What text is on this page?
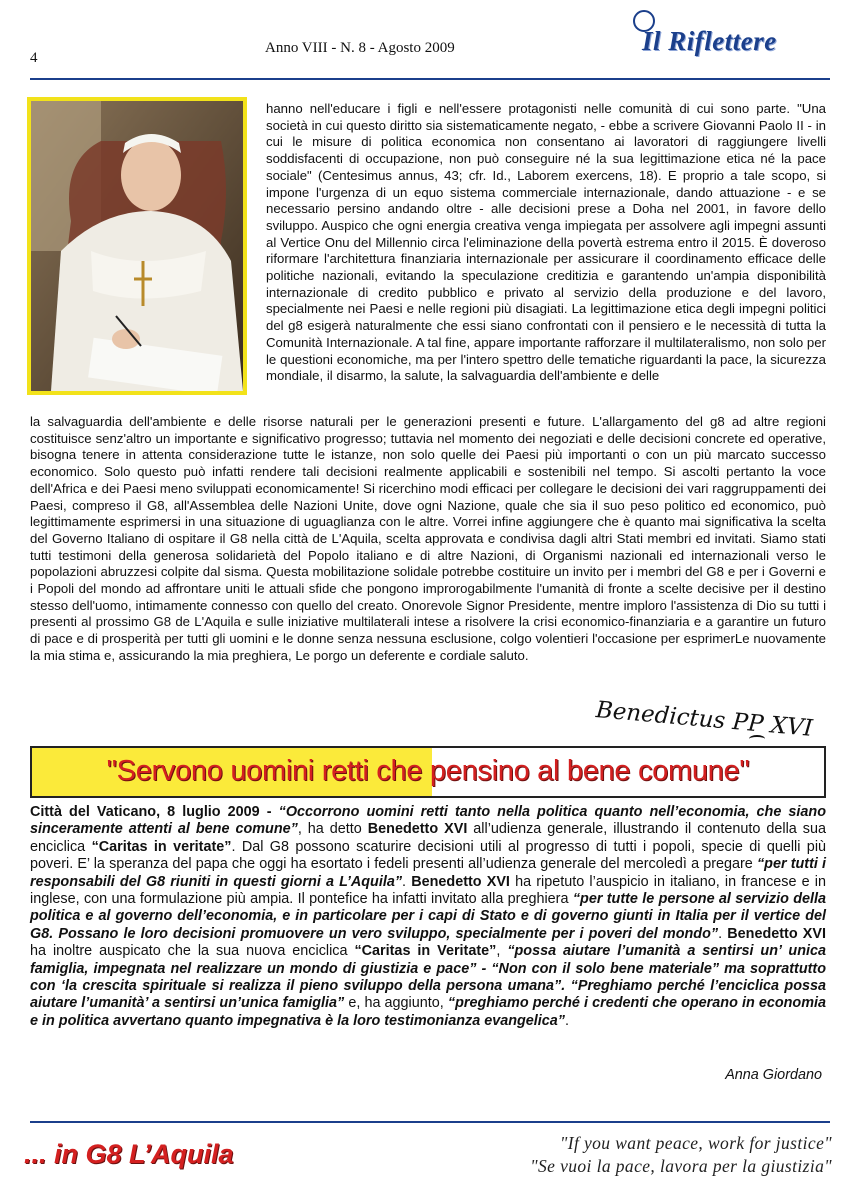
4
Anno VIII - N. 8 - Agosto 2009	Il Riflettere
hanno nell'educare i figli e nell'essere protagonisti nelle comunità di cui sono parte. "Una società in cui questo diritto sia sistematicamente negato, - ebbe a scrivere Giovanni Paolo II - in cui le misure di politica economica non consentano ai lavoratori di raggiungere livelli soddisfacenti di occupazione, non può conseguire né la sua legittimazione etica né la pace sociale" (Centesimus annus, 43; cfr. Id., Laborem exercens, 18). E proprio a tale scopo, si impone l'urgenza di un equo sistema commerciale internazionale, dando attuazione - e se necessario persino andando oltre - alle decisioni prese a Doha nel 2001, in favore dello sviluppo. Auspico che ogni energia creativa venga impiegata per assolvere agli impegni assunti al Vertice Onu del Millennio circa l'eliminazione della povertà estrema entro il 2015. È doveroso riformare l'architettura finanziaria internazionale per assicurare il coordinamento efficace delle politiche nazionali, evitando la speculazione creditizia e garantendo un'ampia disponibilità internazionale di credito pubblico e privato al servizio della produzione e del lavoro, specialmente nei Paesi e nelle regioni più disagiati. La legittimazione etica degli impegni politici del g8 esigerà naturalmente che essi siano confrontati con il pensiero e le necessità di tutta la Comunità Internazionale. A tal fine, appare importante rafforzare il multilateralismo, non solo per le questioni economiche, ma per l'intero spettro delle tematiche riguardanti la pace, la sicurezza mondiale, il disarmo, la salute, la salvaguardia dell'ambiente e delle
la salvaguardia dell'ambiente e delle risorse naturali per le generazioni presenti e future. L'allargamento del g8 ad altre regioni costituisce senz'altro un importante e significativo progresso; tuttavia nel momento dei negoziati e delle decisioni concrete ed operative, bisogna tenere in attenta considerazione tutte le istanze, non solo quelle dei Paesi più importanti o con un più marcato successo economico. Solo questo può infatti rendere tali decisioni realmente applicabili e sostenibili nel tempo. Si ascolti pertanto la voce dell'Africa e dei Paesi meno sviluppati economicamente! Si ricerchino modi efficaci per collegare le decisioni dei vari raggruppamenti dei Paesi, compreso il G8, all'Assemblea delle Nazioni Unite, dove ogni Nazione, quale che sia il suo peso politico ed economico, può legittimamente esprimersi in una situazione di uguaglianza con le altre. Vorrei infine aggiungere che è quanto mai significativa la scelta del Governo Italiano di ospitare il G8 nella città de L'Aquila, scelta approvata e condivisa dagli altri Stati membri ed invitati. Siamo stati tutti testimoni della generosa solidarietà del Popolo italiano e di altre Nazioni, di Organismi nazionali ed internazionali verso le popolazioni abruzzesi colpite dal sisma. Questa mobilitazione solidale potrebbe costituire un invito per i membri del G8 e per i Governi e i Popoli del mondo ad affrontare uniti le attuali sfide che pongono improrogabilmente l'umanità di fronte a scelte decisive per il destino stesso dell'uomo, intimamente connesso con quello del creato. Onorevole Signor Presidente, mentre imploro l'assistenza di Dio su tutti i presenti al prossimo G8 de L'Aquila e sulle iniziative multilaterali intese a risolvere la crisi economico-finanziaria e a garantire un futuro di pace e di prosperità per tutti gli uomini e le donne senza nessuna esclusione, colgo volentieri l'occasione per esprimerLe nuovamente la mia stima e, assicurando la mia preghiera, Le porgo un deferente e cordiale saluto.
Benedictus PP XVI
"Servono uomini retti che pensino al bene comune"
Città del Vaticano, 8 luglio 2009 - “Occorrono uomini retti tanto nella politica quanto nell’economia, che siano sinceramente attenti al bene comune”, ha detto Benedetto XVI all’udienza generale, illustrando il contenuto della sua enciclica “Caritas in veritate”. Dal G8 possono scaturire decisioni utili al progresso di tutti i popoli, specie di quelli più poveri. E’ la speranza del papa che oggi ha esortato i fedeli presenti all’udienza generale del mercoledì a pregare “per tutti i responsabili del G8 riuniti in questi giorni a L’Aquila”. Benedetto XVI ha ripetuto l’auspicio in italiano, in francese e in inglese, con una formulazione più ampia. Il pontefice ha infatti invitato alla preghiera “per tutte le persone al servizio della politica e al governo dell’economia, e in particolare per i capi di Stato e di governo giunti in Italia per il vertice del G8. Possano le loro decisioni promuovere un vero sviluppo, specialmente per i poveri del mondo”. Benedetto XVI ha inoltre auspicato che la sua nuova enciclica “Caritas in Veritate”, “possa aiutare l’umanità a sentirsi un’ unica famiglia, impegnata nel realizzare un mondo di giustizia e pace” - “Non con il solo bene materiale” ma soprattutto con ‘la crescita spirituale si realizza il pieno sviluppo della persona umana”. “Preghiamo perché l’enciclica possa aiutare l’umanità’ a sentirsi un’unica famiglia” e, ha aggiunto, “preghiamo perché i credenti che operano in economia e in politica avvertano quanto impegnativa è la loro testimonianza evangelica”.
Anna Giordano
... in G8 L’Aquila	"If you want peace, work for justice"
"Se vuoi la pace, lavora per la giustizia"
